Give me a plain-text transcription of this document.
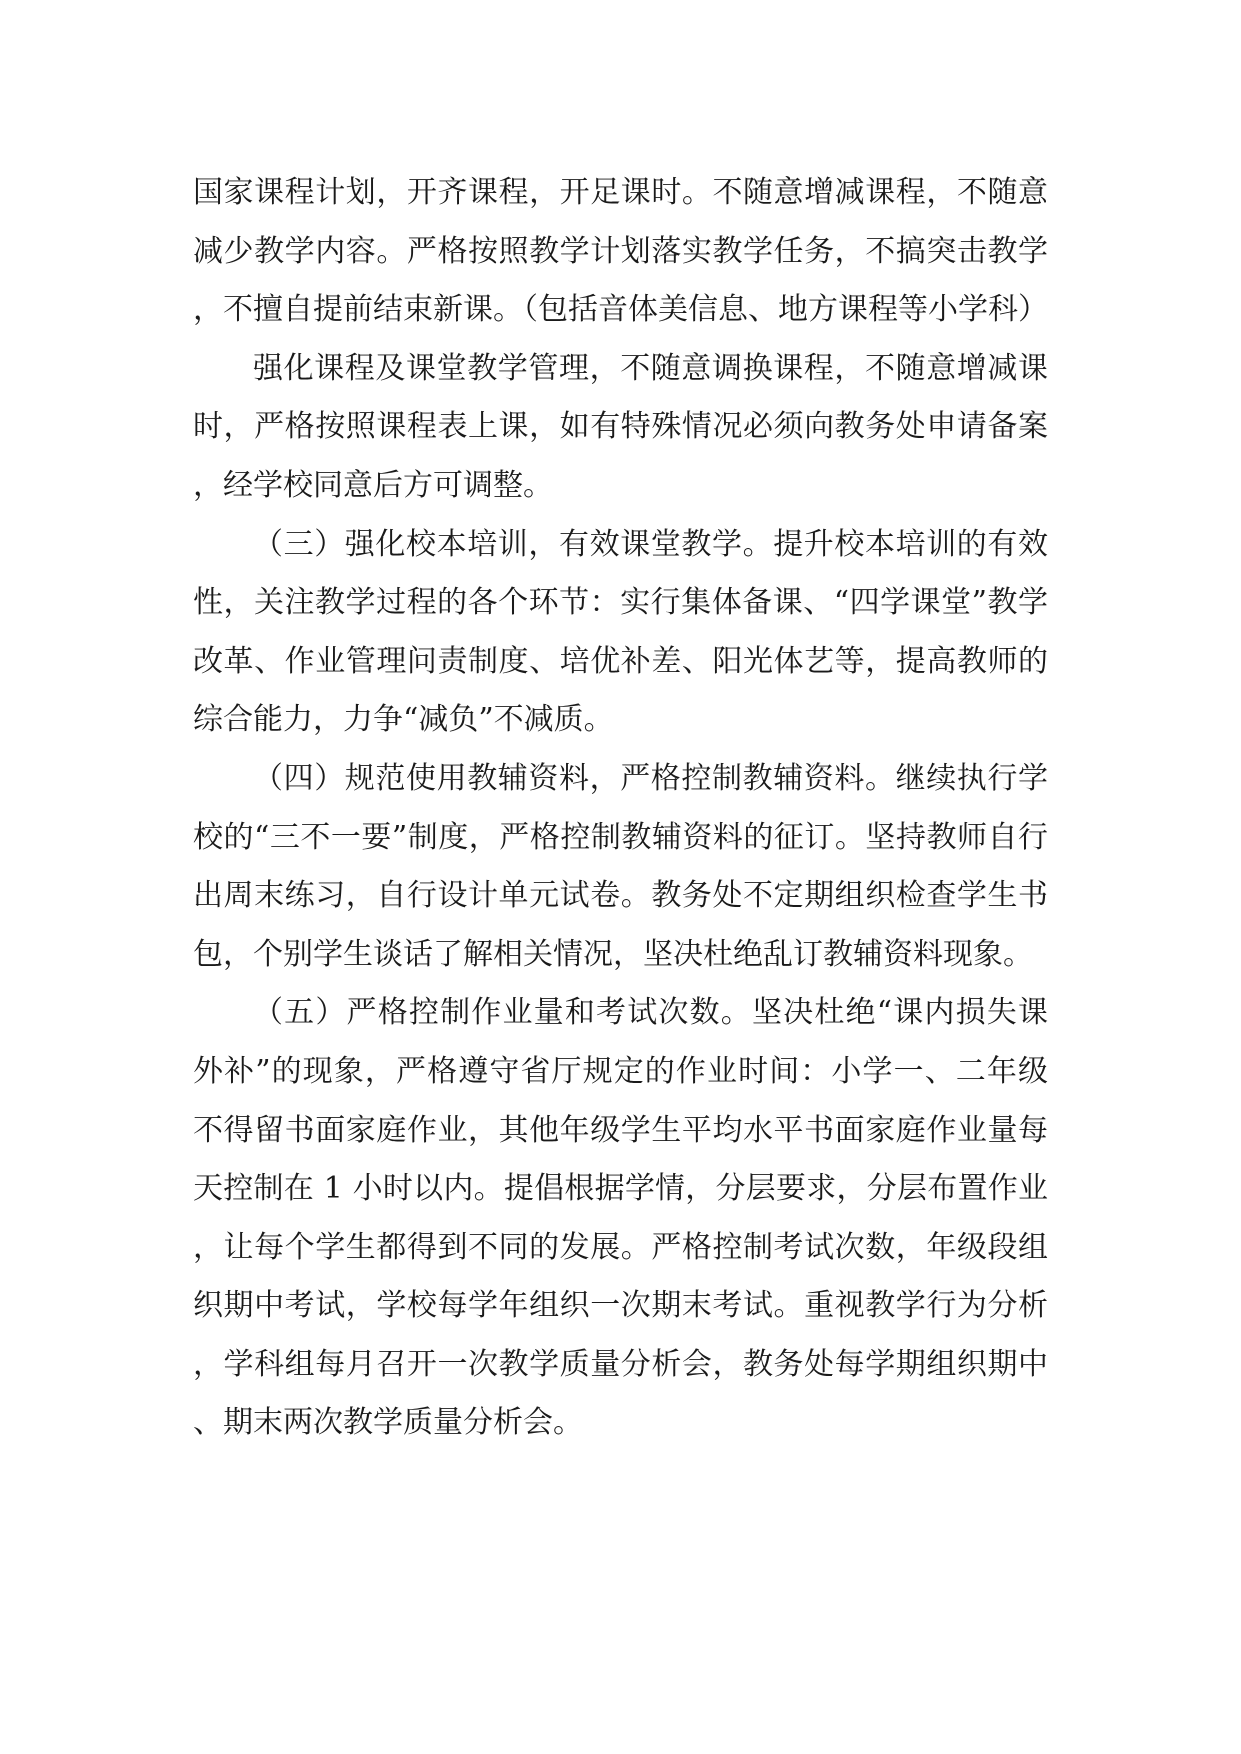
国家课程计划，开齐课程，开足课时。不随意增减课程，不随意减少教学内容。严格按照教学计划落实教学任务，不搞突击教学，不擅自提前结束新课。（包括音体美信息、地方课程等小学科）

强化课程及课堂教学管理，不随意调换课程，不随意增减课时，严格按照课程表上课，如有特殊情况必须向教务处申请备案，经学校同意后方可调整。

（三）强化校本培训，有效课堂教学。提升校本培训的有效性，关注教学过程的各个环节：实行集体备课、“四学课堂”教学改革、作业管理问责制度、培优补差、阳光体艺等，提高教师的综合能力，力争“减负”不减质。

（四）规范使用教辅资料，严格控制教辅资料。继续执行学校的“三不一要”制度，严格控制教辅资料的征订。坚持教师自行出周末练习，自行设计单元试卷。教务处不定期组织检查学生书包，个别学生谈话了解相关情况，坚决杜绝乱订教辅资料现象。

（五）严格控制作业量和考试次数。坚决杜绝“课内损失课外补”的现象，严格遵守省厅规定的作业时间：小学一、二年级不得留书面家庭作业，其他年级学生平均水平书面家庭作业量每天控制在 1 小时以内。提倡根据学情，分层要求，分层布置作业，让每个学生都得到不同的发展。严格控制考试次数，年级段组织期中考试，学校每学年组织一次期末考试。重视教学行为分析，学科组每月召开一次教学质量分析会，教务处每学期组织期中、期末两次教学质量分析会。
